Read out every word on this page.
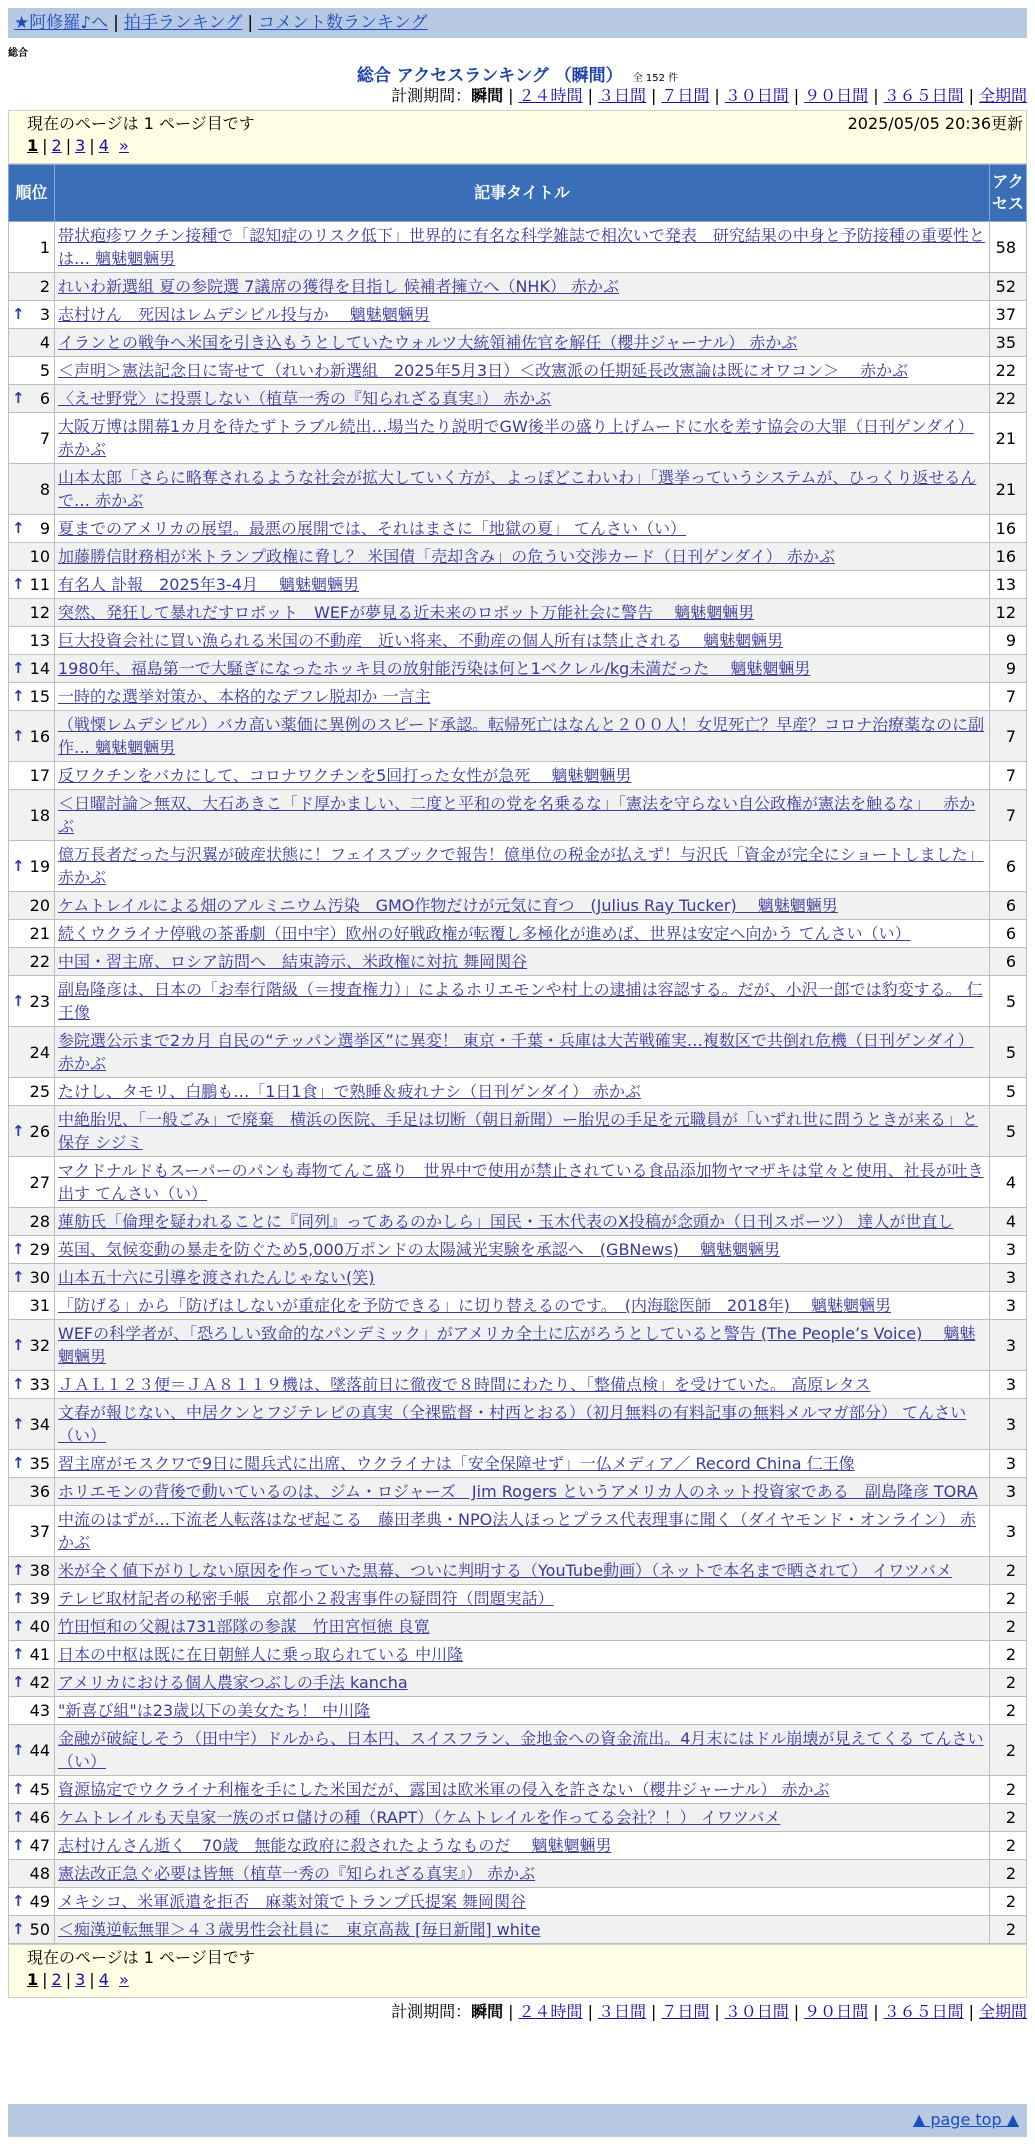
★阿修羅♪へ | 拍手ランキング | コメント数ランキング
総合
総合 アクセスランキング （瞬間） 全 152 件
計測期間：瞬間 | ２４時間 | ３日間 | ７日間 | ３０日間 | ９０日間 | ３６５日間 | 全期間
現在のページは 1 ページ目です	2025/05/05 20:36更新
1 | 2 | 3 | 4 »
順位	記事タイトル	アクセス
1	帯状疱疹ワクチン接種で「認知症のリスク低下」世界的に有名な科学雑誌で相次いで発表　研究結果の中身と予防接種の重要性とは… 魑魅魍魎男	58
2	れいわ新選組 夏の参院選 7議席の獲得を目指し 候補者擁立へ（NHK） 赤かぶ	52

↑ 3	志村けん　死因はレムデシビル投与か　 魑魅魍魎男	37
4	イランとの戦争へ米国を引き込もうとしていたウォルツ大統領補佐官を解任（櫻井ジャーナル） 赤かぶ	35
5	＜声明＞憲法記念日に寄せて（れいわ新選組　2025年5月3日）＜改憲派の任期延長改憲論は既にオワコン＞　 赤かぶ	22

↑ 6	〈えせ野党〉に投票しない（植草一秀の『知られざる真実』） 赤かぶ	22
7	大阪万博は開幕1カ月を待たずトラブル続出…場当たり説明でGW後半の盛り上げムードに水を差す協会の大罪（日刊ゲンダイ） 赤かぶ	21
8	山本太郎「さらに略奪されるような社会が拡大していく方が、よっぽどこわいわ」「選挙っていうシステムが、ひっくり返せるんで… 赤かぶ	21

↑ 9	夏までのアメリカの展望。最悪の展開では、それはまさに「地獄の夏」 てんさい（い）	16
10	加藤勝信財務相が米トランプ政権に脅し？ 米国債「売却含み」の危うい交渉カード（日刊ゲンダイ） 赤かぶ	16

↑ 11	有名人 訃報　2025年3-4月　 魑魅魍魎男	13
12	突然、発狂して暴れだすロボット　WEFが夢見る近未来のロボット万能社会に警告　 魑魅魍魎男	12
13	巨大投資会社に買い漁られる米国の不動産　近い将来、不動産の個人所有は禁止される　 魑魅魍魎男	9

↑ 14	1980年、福島第一で大騒ぎになったホッキ貝の放射能汚染は何と1ベクレル/kg未満だった　 魑魅魍魎男	9

↑ 15	一時的な選挙対策か、本格的なデフレ脱却か 一言主	7

↑ 16	（戦慄レムデシビル）バカ高い薬価に異例のスピード承認。転帰死亡はなんと２００人！女児死亡？早産？コロナ治療薬なのに副作… 魑魅魍魎男	7
17	反ワクチンをバカにして、コロナワクチンを5回打った女性が急死　 魑魅魍魎男	7
18	＜日曜討論＞無双、大石あきこ「ド厚かましい、二度と平和の党を名乗るな」「憲法を守らない自公政権が憲法を触るな」　 赤かぶ	7

↑ 19	億万長者だった与沢翼が破産状態に！フェイスブックで報告！億単位の税金が払えず！与沢氏「資金が完全にショートしました」 赤かぶ	6
20	ケムトレイルによる畑のアルミニウム汚染　GMO作物だけが元気に育つ　(Julius Ray Tucker)　 魑魅魍魎男	6
21	続くウクライナ停戦の茶番劇（田中宇）欧州の好戦政権が転覆し多極化が進めば、世界は安定へ向かう てんさい（い）	6
22	中国・習主席、ロシア訪問へ　結束誇示、米政権に対抗 舞岡関谷	6

↑ 23	副島隆彦は、日本の「お奉行階級（＝捜査権力）」によるホリエモンや村上の逮捕は容認する。だが、小沢一郎では豹変する。 仁王像	5
24	参院選公示まで2カ月 自民の“テッパン選挙区”に異変！ 東京・千葉・兵庫は大苦戦確実…複数区で共倒れ危機（日刊ゲンダイ） 赤かぶ	5
25	たけし、タモリ、白鵬も…「1日1食」で熟睡＆疲れナシ（日刊ゲンダイ） 赤かぶ	5

↑ 26	中絶胎児、「一般ごみ」で廃棄　横浜の医院、手足は切断（朝日新聞）ー胎児の手足を元職員が「いずれ世に問うときが来る」と保存 シジミ	5
27	マクドナルドもスーパーのパンも毒物てんこ盛り　世界中で使用が禁止されている食品添加物ヤマザキは堂々と使用、社長が吐き出す てんさい（い）	4
28	蓮舫氏「倫理を疑われることに『同列』ってあるのかしら」国民・玉木代表のX投稿が念頭か（日刊スポーツ） 達人が世直し	4

↑ 29	英国、気候変動の暴走を防ぐため5,000万ポンドの太陽減光実験を承認へ　(GBNews)　 魑魅魍魎男	3

↑ 30	山本五十六に引導を渡されたんじゃない(笑)	3
31	「防げる」から「防げはしないが重症化を予防できる」に切り替えるのです。　(内海聡医師　2018年)　 魑魅魍魎男	3

↑ 32	WEFの科学者が、「恐ろしい致命的なパンデミック」がアメリカ全土に広がろうとしていると警告 (The People’s Voice)　 魑魅魍魎男	3

↑ 33	ＪＡＬ１２３便＝ＪＡ８１１９機は、墜落前日に徹夜で８時間にわたり、「整備点検」を受けていた。 高原レタス	3

↑ 34	文春が報じない、中居クンとフジテレビの真実（全裸監督・村西とおる）（初月無料の有料記事の無料メルマガ部分） てんさい（い）	3

↑ 35	習主席がモスクワで9日に閲兵式に出席、ウクライナは「安全保障せず」一仏メディア／ Record China 仁王像	3
36	ホリエモンの背後で動いているのは、ジム・ロジャーズ　Jim Rogers というアメリカ人のネット投資家である　副島隆彦 TORA	3
37	中流のはずが…下流老人転落はなぜ起こる　藤田孝典・NPO法人ほっとプラス代表理事に聞く（ダイヤモンド・オンライン） 赤かぶ	3

↑ 38	米が全く値下がりしない原因を作っていた黒幕、ついに判明する（YouTube動画）（ネットで本名まで晒されて） イワツバメ	2

↑ 39	テレビ取材記者の秘密手帳　京都小２殺害事件の疑問符（問題実話）	2

↑ 40	竹田恒和の父親は731部隊の参謀　竹田宮恒徳 良寛	2

↑ 41	日本の中枢は既に在日朝鮮人に乗っ取られている 中川隆	2

↑ 42	アメリカにおける個人農家つぶしの手法 kancha	2
43	"新喜び組"は23歳以下の美女たち！ 中川隆	2

↑ 44	金融が破綻しそう（田中宇）ドルから、日本円、スイスフラン、金地金への資金流出。4月末にはドル崩壊が見えてくる てんさい（い）	2

↑ 45	資源協定でウクライナ利権を手にした米国だが、露国は欧米軍の侵入を許さない（櫻井ジャーナル） 赤かぶ	2

↑ 46	ケムトレイルも天皇家一族のボロ儲けの種（RAPT）（ケムトレイルを作ってる会社？！） イワツバメ	2

↑ 47	志村けんさん逝く　70歳　無能な政府に殺されたようなものだ　 魑魅魍魎男	2
48	憲法改正急ぐ必要は皆無（植草一秀の『知られざる真実』） 赤かぶ	2

↑ 49	メキシコ、米軍派遣を拒否　麻薬対策でトランプ氏提案 舞岡関谷	2

↑ 50	＜痴漢逆転無罪＞４３歳男性会社員に　東京高裁 [毎日新聞] white	2
現在のページは 1 ページ目です
1 | 2 | 3 | 4 »
計測期間：瞬間 | ２４時間 | ３日間 | ７日間 | ３０日間 | ９０日間 | ３６５日間 | 全期間
▲ page top ▲
